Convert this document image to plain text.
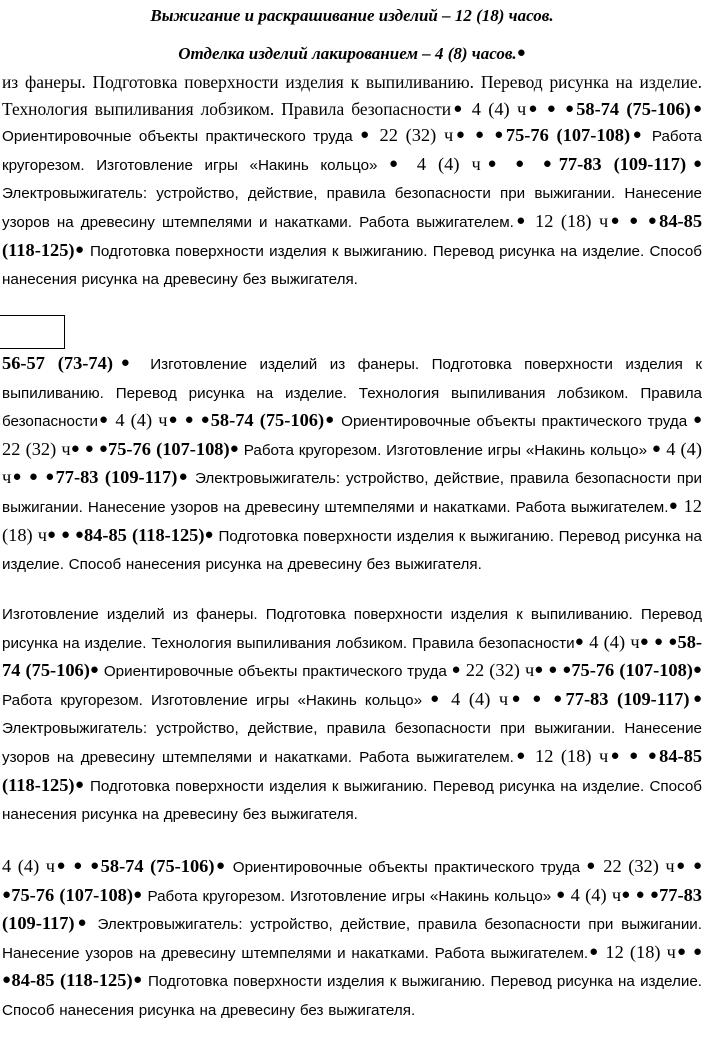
Выжигание и раскрашивание изделий – 12 (18) часов.

Отделка изделий лакированием – 4 (8) часов.●

из фанеры. Подготовка поверхности изделия к выпиливанию. Перевод рисунка на изделие. Технология выпиливания лобзиком. Правила безопасности● 4 (4) ч● ● ●58-74 (75-106)● Ориентировочные объекты практического труда ● 22 (32) ч● ● ●75-76 (107-108)● Работа кругорезом. Изготовление игры «Накинь кольцо» ● 4 (4) ч● ● ●77-83 (109-117)● Электровыжигатель: устройство, действие, правила безопасности при выжигании. Нанесение узоров на древесину штемпелями и накатками. Работа выжигателем.● 12 (18) ч● ● ●84-85 (118-125)● Подготовка поверхности изделия к выжиганию. Перевод рисунка на изделие. Способ нанесения рисунка на древесину без выжигателя.

56-57 (73-74)● Изготовление изделий из фанеры. Подготовка поверхности изделия к выпиливанию. Перевод рисунка на изделие. Технология выпиливания лобзиком. Правила безопасности● 4 (4) ч● ● ●58-74 (75-106)● Ориентировочные объекты практического труда ● 22 (32) ч● ● ●75-76 (107-108)● Работа кругорезом. Изготовление игры «Накинь кольцо» ● 4 (4) ч● ● ●77-83 (109-117)● Электровыжигатель: устройство, действие, правила безопасности при выжигании. Нанесение узоров на древесину штемпелями и накатками. Работа выжигателем.● 12 (18) ч● ● ●84-85 (118-125)● Подготовка поверхности изделия к выжиганию. Перевод рисунка на изделие. Способ нанесения рисунка на древесину без выжигателя.

Изготовление изделий из фанеры. Подготовка поверхности изделия к выпиливанию. Перевод рисунка на изделие. Технология выпиливания лобзиком. Правила безопасности● 4 (4) ч● ● ●58-74 (75-106)● Ориентировочные объекты практического труда ● 22 (32) ч● ● ●75-76 (107-108)● Работа кругорезом. Изготовление игры «Накинь кольцо» ● 4 (4) ч● ● ●77-83 (109-117)● Электровыжигатель: устройство, действие, правила безопасности при выжигании. Нанесение узоров на древесину штемпелями и накатками. Работа выжигателем.● 12 (18) ч● ● ●84-85 (118-125)● Подготовка поверхности изделия к выжиганию. Перевод рисунка на изделие. Способ нанесения рисунка на древесину без выжигателя.

4 (4) ч● ● ●58-74 (75-106)● Ориентировочные объекты практического труда ● 22 (32) ч● ● ●75-76 (107-108)● Работа кругорезом. Изготовление игры «Накинь кольцо» ● 4 (4) ч● ● ●77-83 (109-117)● Электровыжигатель: устройство, действие, правила безопасности при выжигании. Нанесение узоров на древесину штемпелями и накатками. Работа выжигателем.● 12 (18) ч● ● ●84-85 (118-125)● Подготовка поверхности изделия к выжиганию. Перевод рисунка на изделие. Способ нанесения рисунка на древесину без выжигателя.
